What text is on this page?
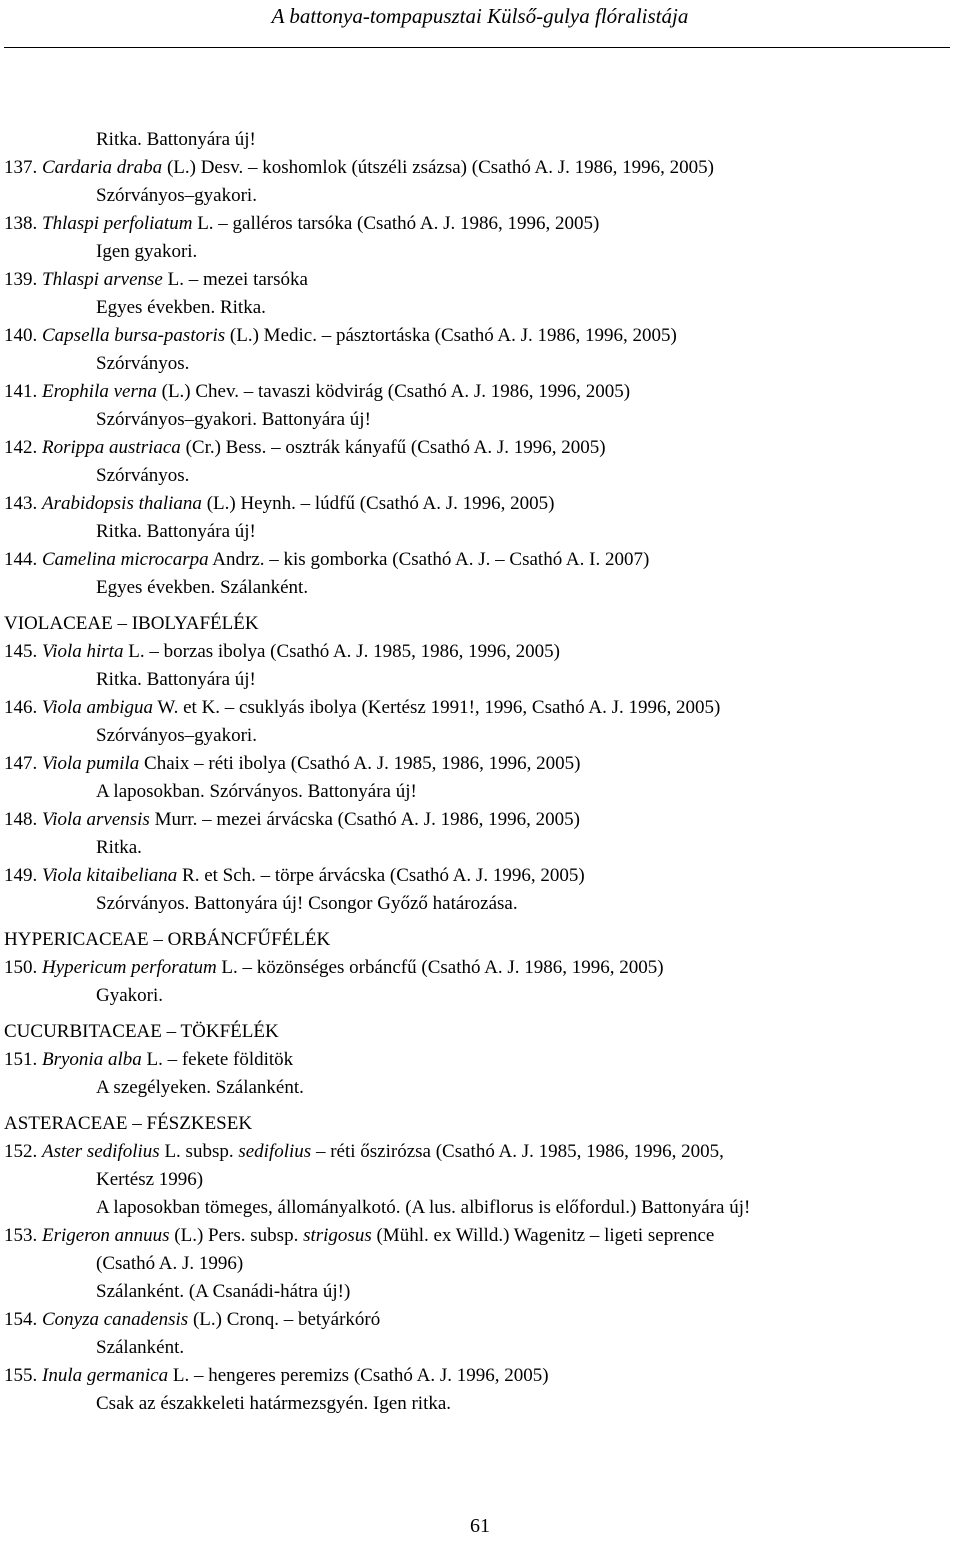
A battonya-tompapusztai Külső-gulya flóralistája
Ritka. Battonyára új!
137. Cardaria draba (L.) Desv. – koshomlok (útszéli zsázsa) (Csathó A. J. 1986, 1996, 2005)
Szórványos–gyakori.
138. Thlaspi perfoliatum L. – galléros tarsóka (Csathó A. J. 1986, 1996, 2005)
Igen gyakori.
139. Thlaspi arvense L. – mezei tarsóka
Egyes években. Ritka.
140. Capsella bursa-pastoris (L.) Medic. – pásztortáska (Csathó A. J. 1986, 1996, 2005)
Szórványos.
141. Erophila verna (L.) Chev. – tavaszi ködvirág (Csathó A. J. 1986, 1996, 2005)
Szórványos–gyakori. Battonyára új!
142. Rorippa austriaca (Cr.) Bess. – osztrák kányafű (Csathó A. J. 1996, 2005)
Szórványos.
143. Arabidopsis thaliana (L.) Heynh. – lúdfű (Csathó A. J. 1996, 2005)
Ritka. Battonyára új!
144. Camelina microcarpa Andrz. – kis gomborka (Csathó A. J. – Csathó A. I. 2007)
Egyes években. Szálanként.
VIOLACEAE – IBOLYAFÉLÉK
145. Viola hirta L. – borzas ibolya (Csathó A. J. 1985, 1986, 1996, 2005)
Ritka. Battonyára új!
146. Viola ambigua W. et K. – csuklyás ibolya (Kertész 1991!, 1996, Csathó A. J. 1996, 2005)
Szórványos–gyakori.
147. Viola pumila Chaix – réti ibolya (Csathó A. J. 1985, 1986, 1996, 2005)
A laposokban. Szórványos. Battonyára új!
148. Viola arvensis Murr. – mezei árvácska (Csathó A. J. 1986, 1996, 2005)
Ritka.
149. Viola kitaibeliana R. et Sch. – törpe árvácska (Csathó A. J. 1996, 2005)
Szórványos. Battonyára új! Csongor Győző határozása.
HYPERICACEAE – ORBÁNCFŰFÉLÉK
150. Hypericum perforatum L. – közönséges orbáncfű (Csathó A. J. 1986, 1996, 2005)
Gyakori.
CUCURBITACEAE – TÖKFÉLÉK
151. Bryonia alba L. – fekete földitök
A szegélyeken. Szálanként.
ASTERACEAE – FÉSZKESEK
152. Aster sedifolius L. subsp. sedifolius – réti őszirózsa (Csathó A. J. 1985, 1986, 1996, 2005,
Kertész 1996)
A laposokban tömeges, állományalkotó. (A lus. albiflorus is előfordul.) Battonyára új!
153. Erigeron annuus (L.) Pers. subsp. strigosus (Mühl. ex Willd.) Wagenitz – ligeti seprence
(Csathó A. J. 1996)
Szálanként. (A Csanádi-hátra új!)
154. Conyza canadensis (L.) Cronq. – betyárkóró
Szálanként.
155. Inula germanica L. – hengeres peremizs (Csathó A. J. 1996, 2005)
Csak az északkeleti határmezsgyén. Igen ritka.
61
